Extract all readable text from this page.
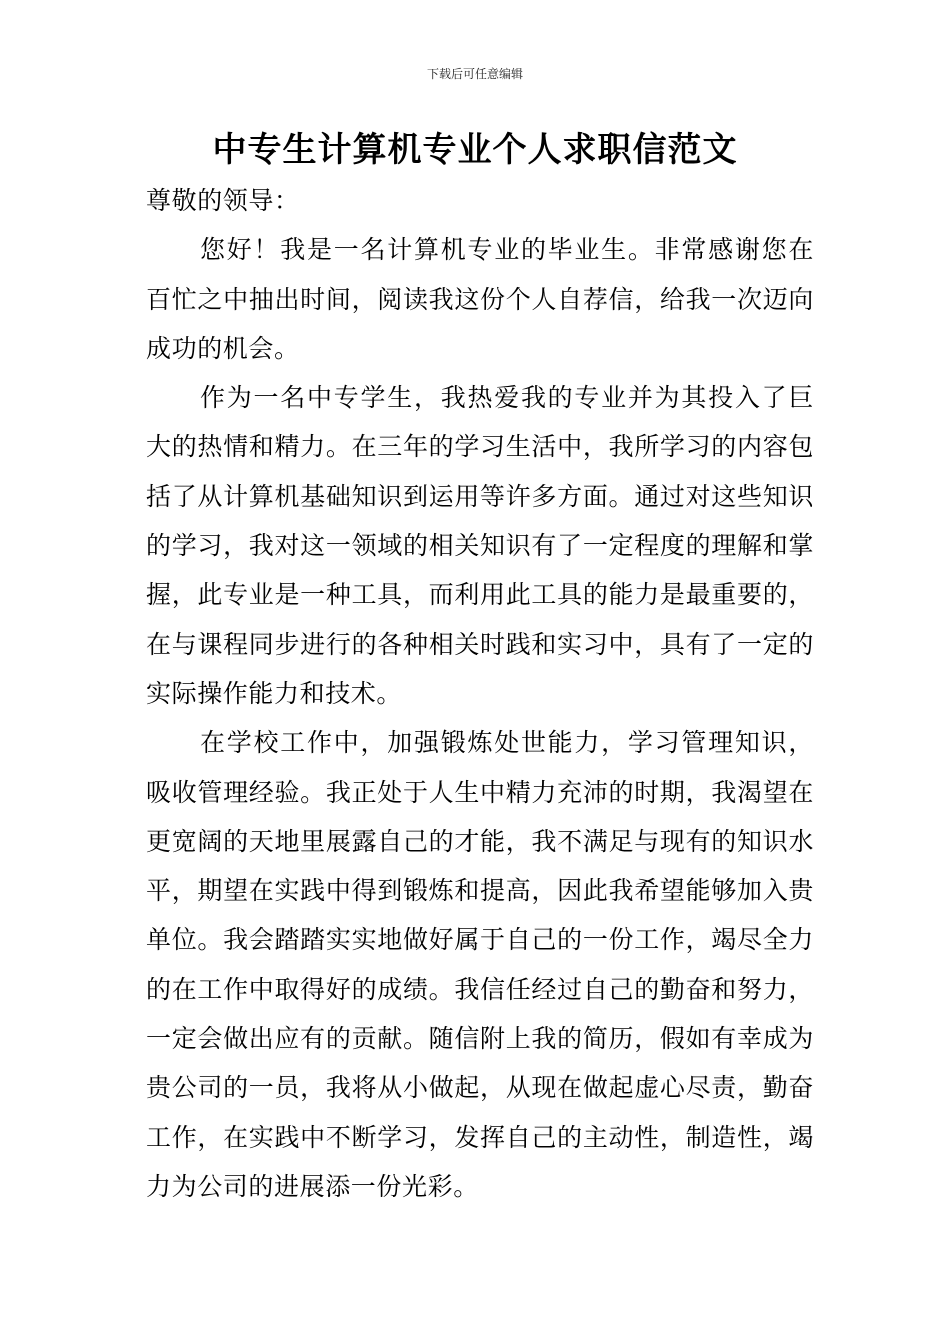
下载后可任意编辑
中专生计算机专业个人求职信范文

尊敬的领导：

您好！我是一名计算机专业的毕业生。非常感谢您在百忙之中抽出时间，阅读我这份个人自荐信，给我一次迈向成功的机会。

作为一名中专学生，我热爱我的专业并为其投入了巨大的热情和精力。在三年的学习生活中，我所学习的内容包括了从计算机基础知识到运用等许多方面。通过对这些知识的学习，我对这一领域的相关知识有了一定程度的理解和掌握，此专业是一种工具，而利用此工具的能力是最重要的，在与课程同步进行的各种相关时践和实习中，具有了一定的实际操作能力和技术。

在学校工作中，加强锻炼处世能力，学习管理知识，吸收管理经验。我正处于人生中精力充沛的时期，我渴望在更宽阔的天地里展露自己的才能，我不满足与现有的知识水平，期望在实践中得到锻炼和提高，因此我希望能够加入贵单位。我会踏踏实实地做好属于自己的一份工作，竭尽全力的在工作中取得好的成绩。我信任经过自己的勤奋和努力，一定会做出应有的贡献。随信附上我的简历，假如有幸成为贵公司的一员，我将从小做起，从现在做起虚心尽责，勤奋工作，在实践中不断学习，发挥自己的主动性，制造性，竭力为公司的进展添一份光彩。
